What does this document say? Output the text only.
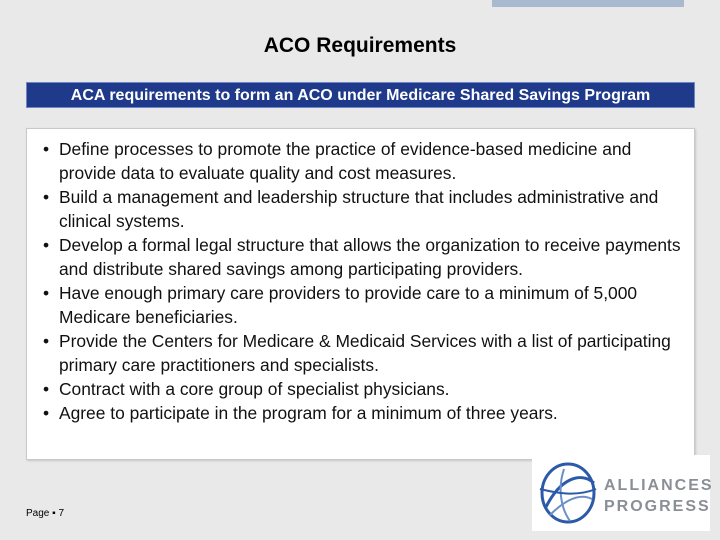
ACO Requirements
ACA requirements to form an ACO under Medicare Shared Savings Program
• Define processes to promote the practice of evidence-based medicine and provide data to evaluate quality and cost measures.
• Build a management and leadership structure that includes administrative and clinical systems.
• Develop a formal legal structure that allows the organization to receive payments and distribute shared savings among participating providers.
• Have enough primary care providers to provide care to a minimum of 5,000 Medicare beneficiaries.
• Provide the Centers for Medicare & Medicaid Services with a list of participating primary care practitioners and specialists.
• Contract with a core group of specialist physicians.
• Agree to participate in the program for a minimum of three years.
Page ▪ 7
ALLIANCES
PROGRESS
